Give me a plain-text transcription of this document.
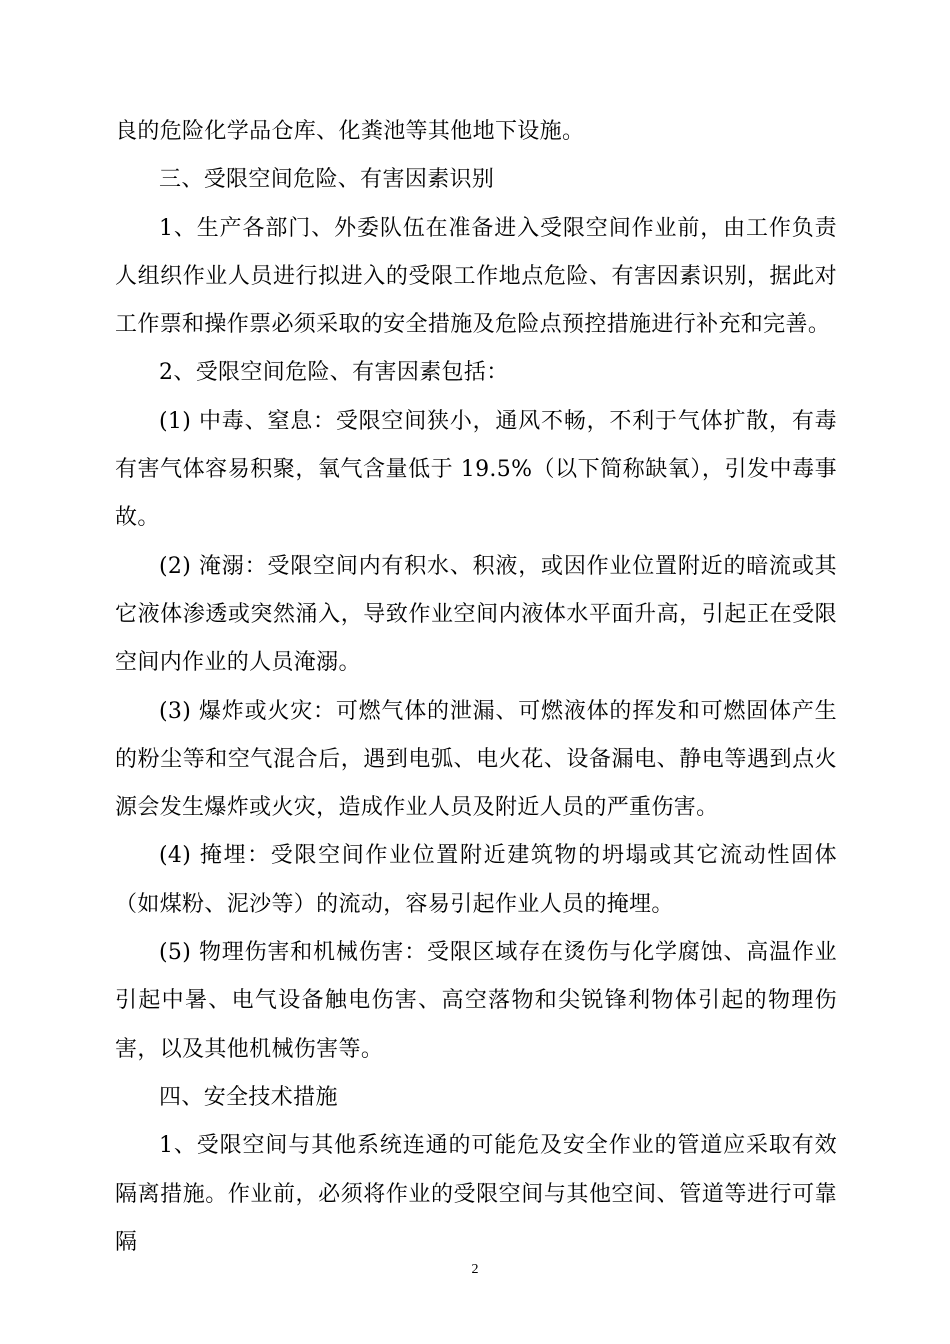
良的危险化学品仓库、化粪池等其他地下设施。

三、受限空间危险、有害因素识别

1、生产各部门、外委队伍在准备进入受限空间作业前，由工作负责人组织作业人员进行拟进入的受限工作地点危险、有害因素识别，据此对工作票和操作票必须采取的安全措施及危险点预控措施进行补充和完善。

2、受限空间危险、有害因素包括：

(1) 中毒、窒息：受限空间狭小，通风不畅，不利于气体扩散，有毒有害气体容易积聚，氧气含量低于 19.5%（以下简称缺氧），引发中毒事故。

(2) 淹溺：受限空间内有积水、积液，或因作业位置附近的暗流或其它液体渗透或突然涌入，导致作业空间内液体水平面升高，引起正在受限空间内作业的人员淹溺。

(3) 爆炸或火灾：可燃气体的泄漏、可燃液体的挥发和可燃固体产生的粉尘等和空气混合后，遇到电弧、电火花、设备漏电、静电等遇到点火源会发生爆炸或火灾，造成作业人员及附近人员的严重伤害。

(4) 掩埋：受限空间作业位置附近建筑物的坍塌或其它流动性固体（如煤粉、泥沙等）的流动，容易引起作业人员的掩埋。

(5) 物理伤害和机械伤害：受限区域存在烫伤与化学腐蚀、高温作业引起中暑、电气设备触电伤害、高空落物和尖锐锋利物体引起的物理伤害，以及其他机械伤害等。

四、安全技术措施

1、受限空间与其他系统连通的可能危及安全作业的管道应采取有效隔离措施。作业前，必须将作业的受限空间与其他空间、管道等进行可靠隔

2
